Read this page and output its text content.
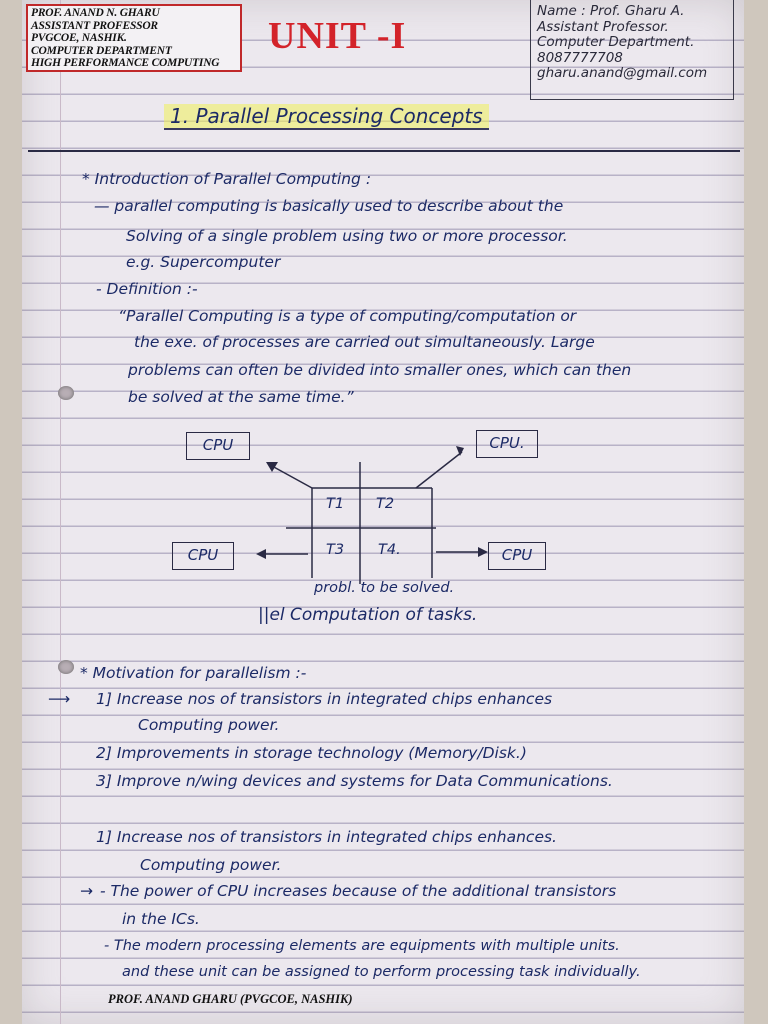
PROF. ANAND N. GHARU
ASSISTANT PROFESSOR
PVGCOE, NASHIK.
COMPUTER DEPARTMENT
HIGH PERFORMANCE COMPUTING
UNIT -I
Name : Prof. Gharu A.
Assistant Professor.
Computer Department.
8087777708
gharu.anand@gmail.com
1. Parallel Processing Concepts
* Introduction of Parallel Computing :
— parallel computing is basically used to describe about the
Solving of a single problem using two or more processor.
e.g. Supercomputer
- Definition :-
“Parallel Computing is a type of computing/computation or
the exe. of processes are carried out simultaneously. Large
problems can often be divided into smaller ones, which can then
be solved at the same time.”
CPU	CPU.
CPU	CPU
T1 T2
T3 T4.
probl. to be solved.
||el Computation of tasks.
* Motivation for parallelism :-
⟶ 1] Increase nos of transistors in integrated chips enhances
Computing power.
2] Improvements in storage technology (Memory/Disk.)
3] Improve n/wing devices and systems for Data Communications.
1] Increase nos of transistors in integrated chips enhances.
Computing power.
→ - The power of CPU increases because of the additional transistors
in the ICs.
- The modern processing elements are equipments with multiple units.
and these unit can be assigned to perform processing task individually.
PROF. ANAND GHARU (PVGCOE, NASHIK)
